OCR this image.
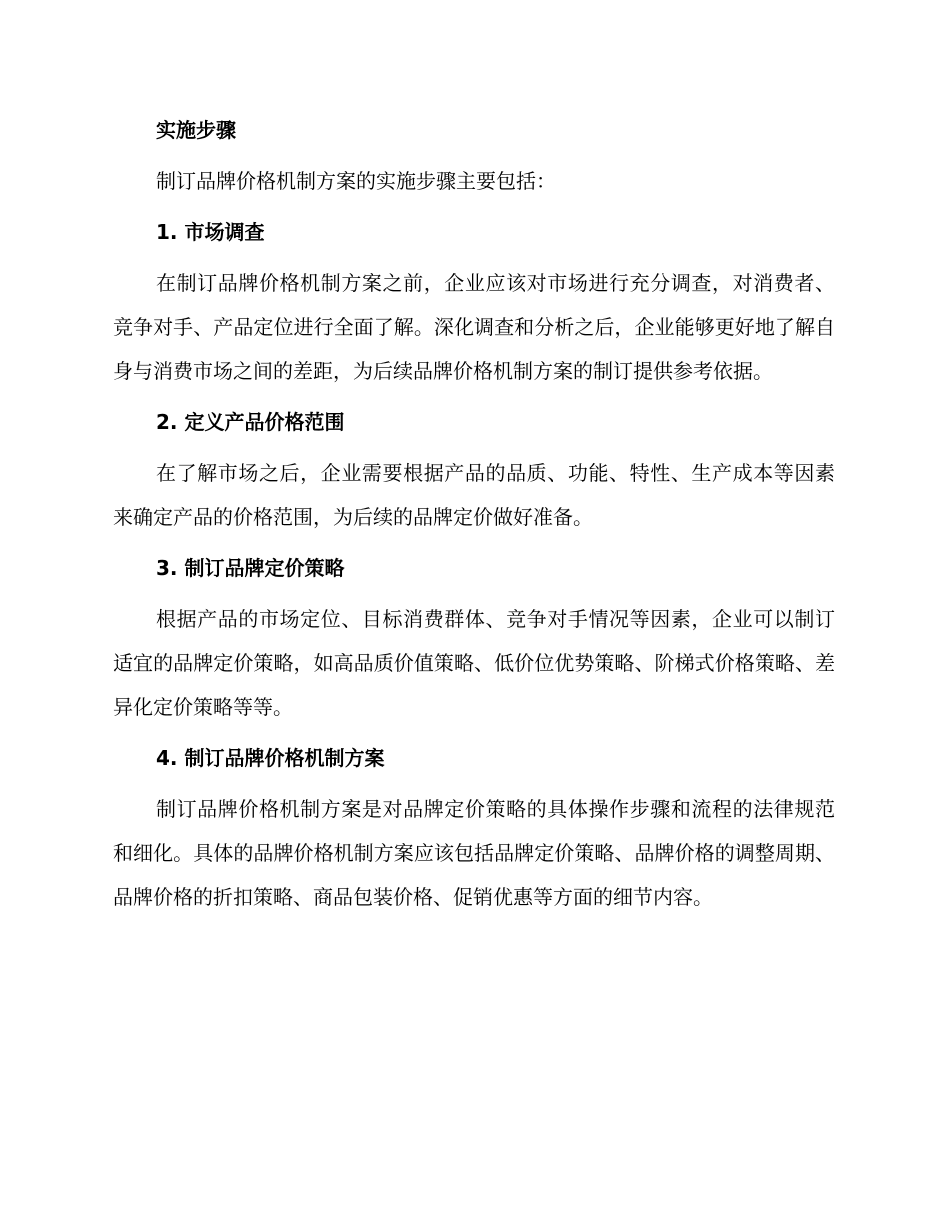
实施步骤
制订品牌价格机制方案的实施步骤主要包括：
1. 市场调查
在制订品牌价格机制方案之前，企业应该对市场进行充分调查，对消费者、竞争对手、产品定位进行全面了解。深化调查和分析之后，企业能够更好地了解自身与消费市场之间的差距，为后续品牌价格机制方案的制订提供参考依据。
2. 定义产品价格范围
在了解市场之后，企业需要根据产品的品质、功能、特性、生产成本等因素来确定产品的价格范围，为后续的品牌定价做好准备。
3. 制订品牌定价策略
根据产品的市场定位、目标消费群体、竞争对手情况等因素，企业可以制订适宜的品牌定价策略，如高品质价值策略、低价位优势策略、阶梯式价格策略、差异化定价策略等等。
4. 制订品牌价格机制方案
制订品牌价格机制方案是对品牌定价策略的具体操作步骤和流程的法律规范和细化。具体的品牌价格机制方案应该包括品牌定价策略、品牌价格的调整周期、品牌价格的折扣策略、商品包装价格、促销优惠等方面的细节内容。
